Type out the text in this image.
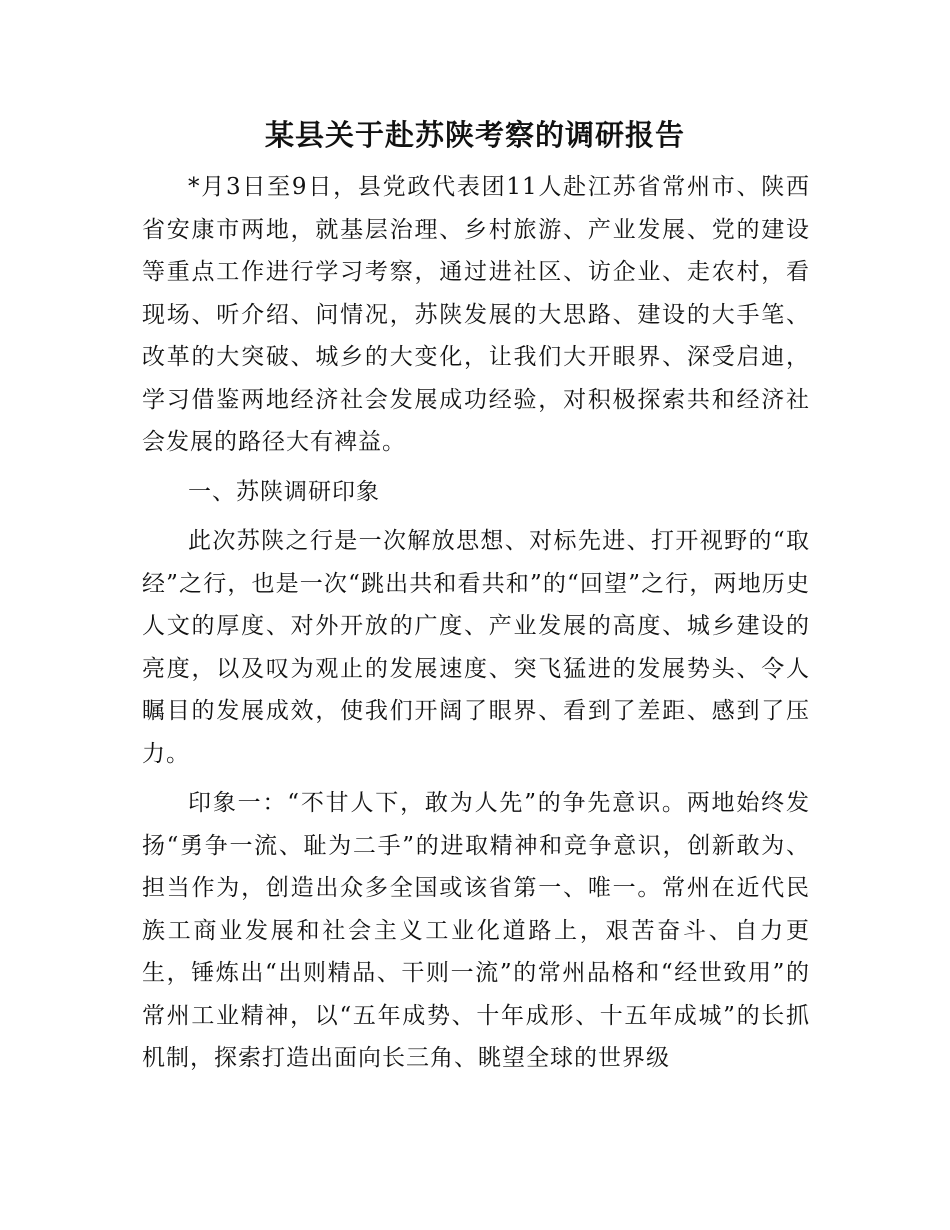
某县关于赴苏陕考察的调研报告

*月3日至9日，县党政代表团11人赴江苏省常州市、陕西省安康市两地，就基层治理、乡村旅游、产业发展、党的建设等重点工作进行学习考察，通过进社区、访企业、走农村，看现场、听介绍、问情况，苏陕发展的大思路、建设的大手笔、改革的大突破、城乡的大变化，让我们大开眼界、深受启迪，学习借鉴两地经济社会发展成功经验，对积极探索共和经济社会发展的路径大有裨益。

一、苏陕调研印象

此次苏陕之行是一次解放思想、对标先进、打开视野的“取经”之行，也是一次“跳出共和看共和”的“回望”之行，两地历史人文的厚度、对外开放的广度、产业发展的高度、城乡建设的亮度，以及叹为观止的发展速度、突飞猛进的发展势头、令人瞩目的发展成效，使我们开阔了眼界、看到了差距、感到了压力。

印象一：“不甘人下，敢为人先”的争先意识。两地始终发扬“勇争一流、耻为二手”的进取精神和竞争意识，创新敢为、担当作为，创造出众多全国或该省第一、唯一。常州在近代民族工商业发展和社会主义工业化道路上，艰苦奋斗、自力更生，锤炼出“出则精品、干则一流”的常州品格和“经世致用”的常州工业精神，以“五年成势、十年成形、十五年成城”的长抓机制，探索打造出面向长三角、眺望全球的世界级
